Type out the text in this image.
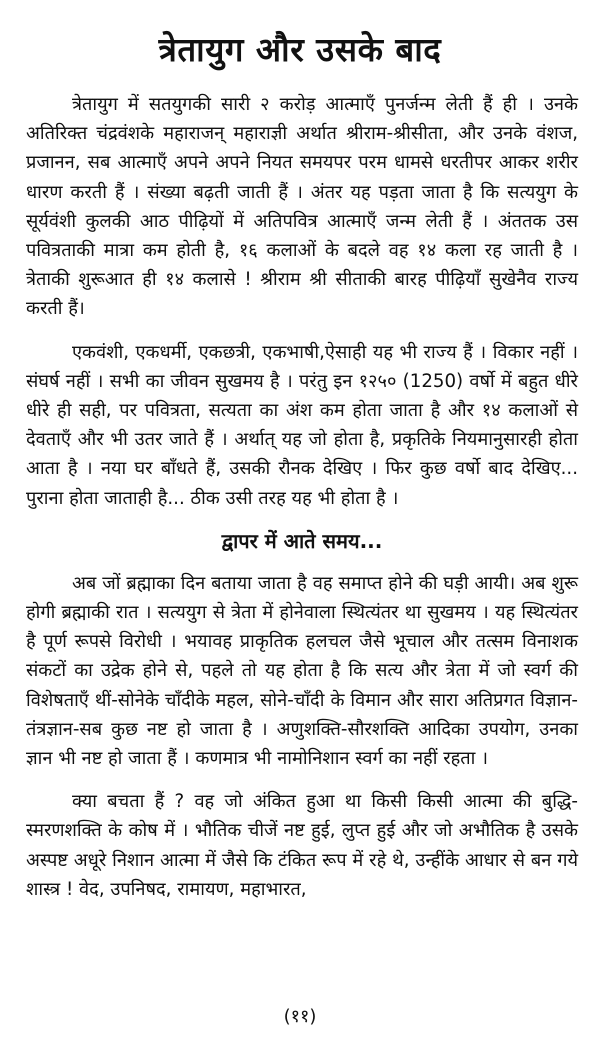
त्रेतायुग और उसके बाद

त्रेतायुग में सतयुगकी सारी २ करोड़ आत्माएँ पुनर्जन्म लेती हैं ही । उनके अतिरिक्त चंद्रवंशके महाराजन् महाराज्ञी अर्थात श्रीराम-श्रीसीता, और उनके वंशज, प्रजानन, सब आत्माएँ अपने अपने नियत समयपर परम धामसे धरतीपर आकर शरीर धारण करती हैं । संख्या बढ़ती जाती हैं । अंतर यह पड़ता जाता है कि सत्ययुग के सूर्यवंशी कुलकी आठ पीढ़ियों में अतिपवित्र आत्माएँ जन्म लेती हैं । अंततक उस पवित्रताकी मात्रा कम होती है, १६ कलाओं के बदले वह १४ कला रह जाती है । त्रेताकी शुरूआत ही १४ कलासे ! श्रीराम श्री सीताकी बारह पीढ़ियाँ सुखेनैव राज्य करती हैं।

एकवंशी, एकधर्मी, एकछत्री, एकभाषी,ऐसाही यह भी राज्य हैं । विकार नहीं । संघर्ष नहीं । सभी का जीवन सुखमय है । परंतु इन १२५० (1250) वर्षो में बहुत धीरे धीरे ही सही, पर पवित्रता, सत्यता का अंश कम होता जाता है और १४ कलाओं से देवताएँ और भी उतर जाते हैं । अर्थात् यह जो होता है, प्रकृतिके नियमानुसारही होता आता है । नया घर बाँधते हैं, उसकी रौनक देखिए । फिर कुछ वर्षो बाद देखिए... पुराना होता जाताही है... ठीक उसी तरह यह भी होता है ।

द्वापर में आते समय...

अब जों ब्रह्माका दिन बताया जाता है वह समाप्त होने की घड़ी आयी। अब शुरू होगी ब्रह्माकी रात । सत्ययुग से त्रेता में होनेवाला स्थित्यंतर था सुखमय । यह स्थित्यंतर है पूर्ण रूपसे विरोधी । भयावह प्राकृतिक हलचल जैसे भूचाल और तत्सम विनाशक संकटों का उद्रेक होने से, पहले तो यह होता है कि सत्य और त्रेता में जो स्वर्ग की विशेषताएँ थीं-सोनेके चाँदीके महल, सोने-चाँदी के विमान और सारा अतिप्रगत विज्ञान-तंत्रज्ञान-सब कुछ नष्ट हो जाता है । अणुशक्ति-सौरशक्ति आदिका उपयोग, उनका ज्ञान भी नष्ट हो जाता हैं । कणमात्र भी नामोनिशान स्वर्ग का नहीं रहता ।

क्या बचता हैं ? वह जो अंकित हुआ था किसी किसी आत्मा की बुद्धि-स्मरणशक्ति के कोष में । भौतिक चीजें नष्ट हुई, लुप्त हुई और जो अभौतिक है उसके अस्पष्ट अधूरे निशान आत्मा में जैसे कि टंकित रूप में रहे थे, उन्हींके आधार से बन गये शास्त्र ! वेद, उपनिषद, रामायण, महाभारत,

(११)
